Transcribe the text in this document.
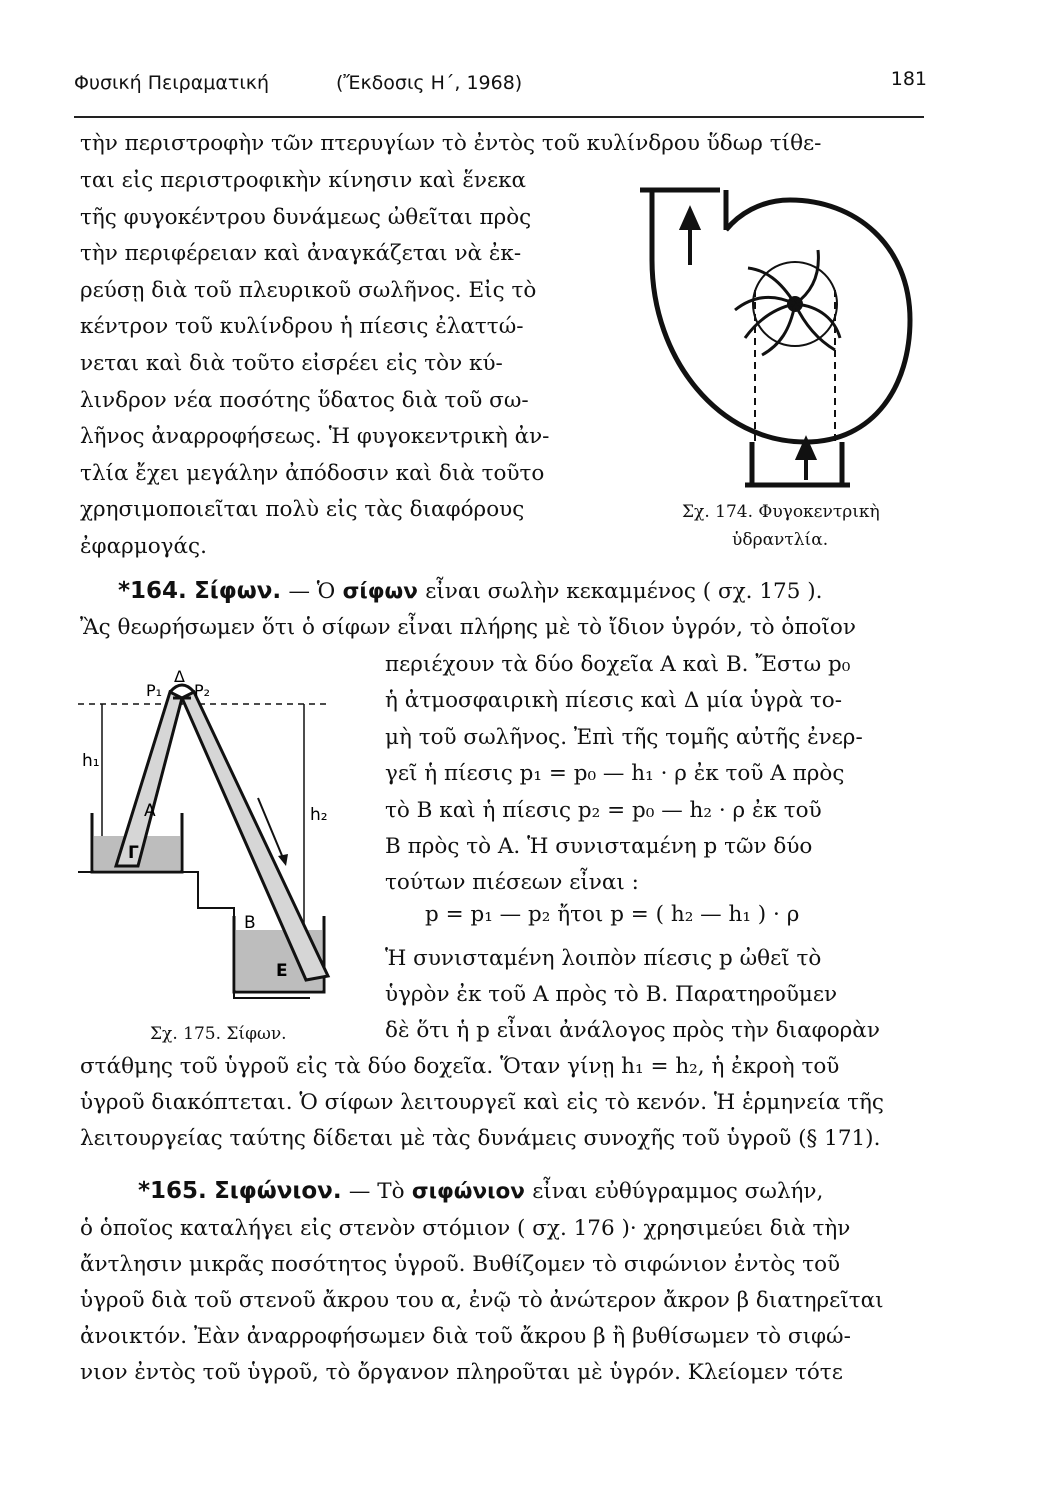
Φυσική Πειραματική	(Ἔκδοσις Η΄, 1968)	181
τὴν περιστροφὴν τῶν πτερυγίων τὸ ἐντὸς τοῦ κυλίνδρου ὕδωρ τίθε-
ται εἰς περιστροφικὴν κίνησιν καὶ ἕνεκα
τῆς φυγοκέντρου δυνάμεως ὠθεῖται πρὸς
τὴν περιφέρειαν καὶ ἀναγκάζεται νὰ ἐκ-
ρεύσῃ διὰ τοῦ πλευρικοῦ σωλῆνος. Εἰς τὸ
κέντρον τοῦ κυλίνδρου ἡ πίεσις ἐλαττώ-
νεται καὶ διὰ τοῦτο εἰσρέει εἰς τὸν κύ-
λινδρον νέα ποσότης ὕδατος διὰ τοῦ σω-
λῆνος ἀναρροφήσεως. Ἡ φυγοκεντρικὴ ἀν-
τλία ἔχει μεγάλην ἀπόδοσιν καὶ διὰ τοῦτο
χρησιμοποιεῖται πολὺ εἰς τὰς διαφόρους
ἐφαρμογάς.
Σχ. 174. Φυγοκεντρικὴ
ὑδραντλία.
*164. Σίφων. — Ὁ σίφων εἶναι σωλὴν κεκαμμένος ( σχ. 175 ).
Ἂς θεωρήσωμεν ὅτι ὁ σίφων εἶναι πλήρης μὲ τὸ ἴδιον ὑγρόν, τὸ ὁποῖον
περιέχουν τὰ δύο δοχεῖα Α καὶ Β. Ἔστω p₀
ἡ ἀτμοσφαιρικὴ πίεσις καὶ Δ μία ὑγρὰ το-
μὴ τοῦ σωλῆνος. Ἐπὶ τῆς τομῆς αὐτῆς ἐνερ-
γεῖ ἡ πίεσις p₁ = p₀ — h₁ · ρ ἐκ τοῦ Α πρὸς
τὸ Β καὶ ἡ πίεσις p₂ = p₀ — h₂ · ρ ἐκ τοῦ
Β πρὸς τὸ Α. Ἡ συνισταμένη p τῶν δύο
τούτων πιέσεων εἶναι :
p = p₁ — p₂ ἤτοι p = ( h₂ — h₁ ) · ρ
Ἡ συνισταμένη λοιπὸν πίεσις p ὠθεῖ τὸ
ὑγρὸν ἐκ τοῦ Α πρὸς τὸ Β. Παρατηροῦμεν
δὲ ὅτι ἡ p εἶναι ἀνάλογος πρὸς τὴν διαφορὰν
στάθμης τοῦ ὑγροῦ εἰς τὰ δύο δοχεῖα. Ὅταν γίνῃ h₁ = h₂, ἡ ἐκροὴ τοῦ
ὑγροῦ διακόπτεται. Ὁ σίφων λειτουργεῖ καὶ εἰς τὸ κενόν. Ἡ ἑρμηνεία τῆς
λειτουργείας ταύτης δίδεται μὲ τὰς δυνάμεις συνοχῆς τοῦ ὑγροῦ (§ 171).
P₁
Δ
P₂
h₁
h₂
A
Γ
B
E
Σχ. 175. Σίφων.
*165. Σιφώνιον. — Τὸ σιφώνιον εἶναι εὐθύγραμμος σωλήν,
ὁ ὁποῖος καταλήγει εἰς στενὸν στόμιον ( σχ. 176 )· χρησιμεύει διὰ τὴν
ἄντλησιν μικρᾶς ποσότητος ὑγροῦ. Βυθίζομεν τὸ σιφώνιον ἐντὸς τοῦ
ὑγροῦ διὰ τοῦ στενοῦ ἄκρου του α, ἐνῷ τὸ ἀνώτερον ἄκρον β διατηρεῖται
ἀνοικτόν. Ἐὰν ἀναρροφήσωμεν διὰ τοῦ ἄκρου β ἢ βυθίσωμεν τὸ σιφώ-
νιον ἐντὸς τοῦ ὑγροῦ, τὸ ὄργανον πληροῦται μὲ ὑγρόν. Κλείομεν τότε
